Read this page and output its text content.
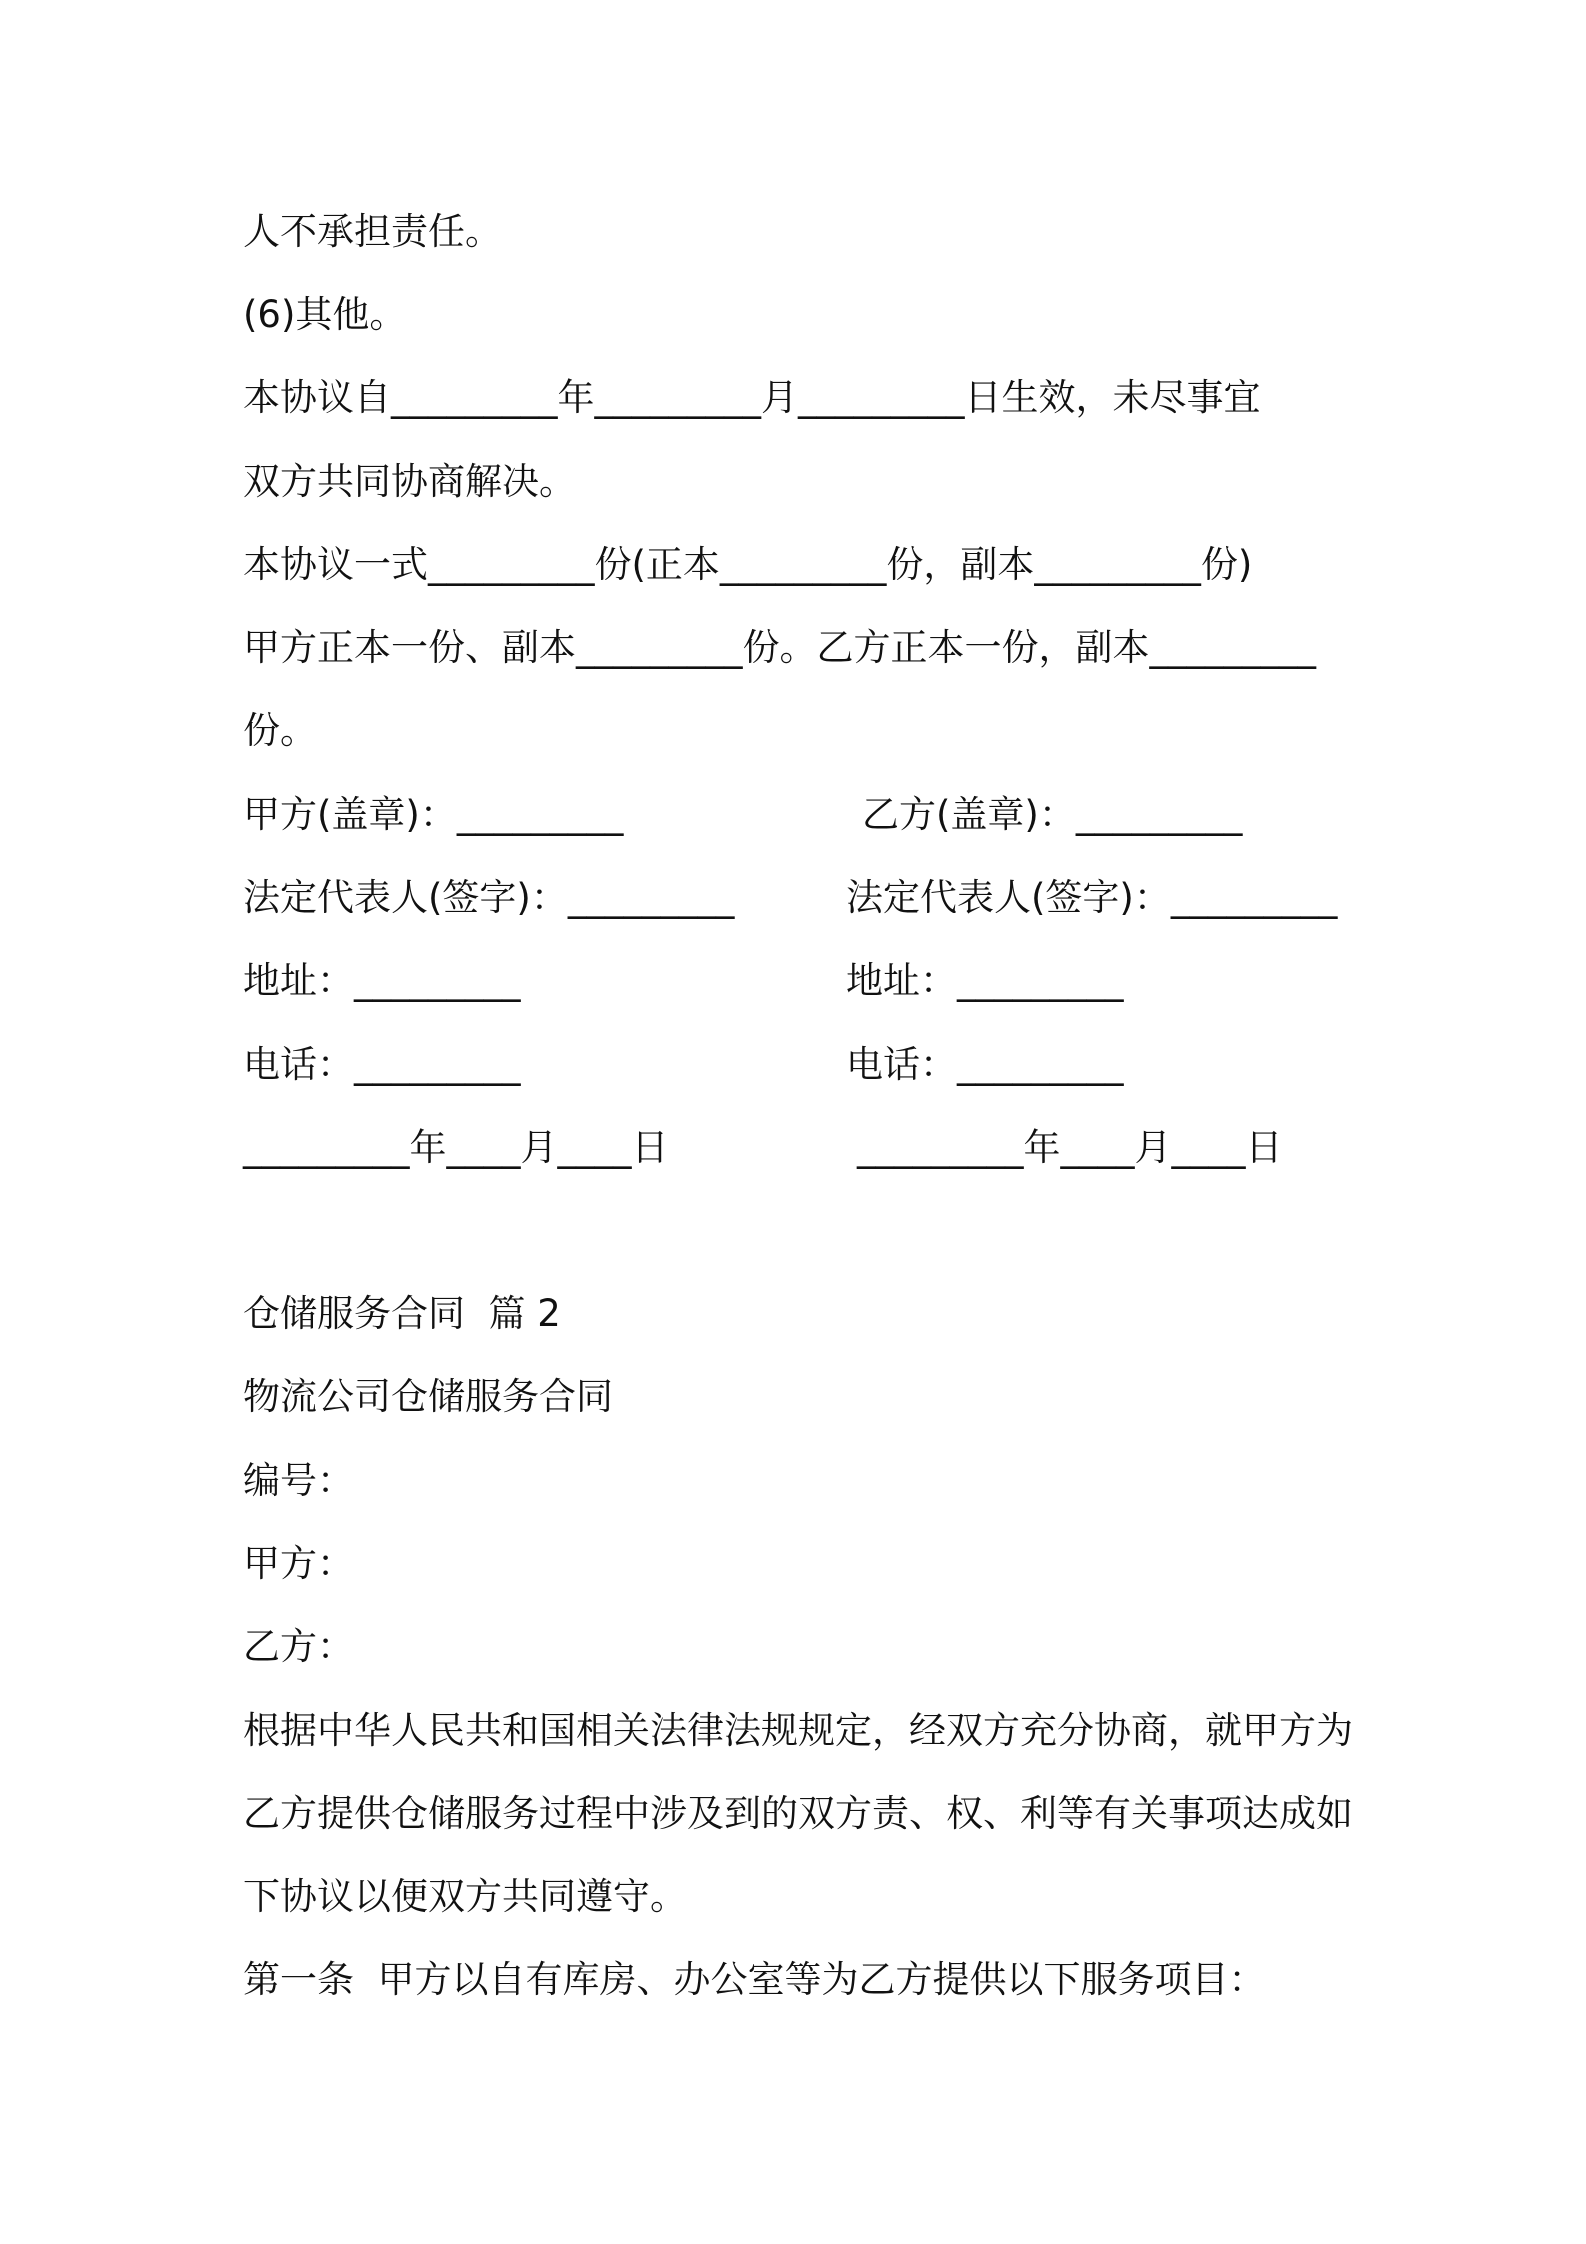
人不承担责任。
(6)其他。
本协议自_________年_________月_________日生效，未尽事宜
双方共同协商解决。
本协议一式_________份(正本_________份，副本_________份)
甲方正本一份、副本_________份。乙方正本一份，副本_________
份。
甲方(盖章)：_________	乙方(盖章)：_________
法定代表人(签字)：_________	法定代表人(签字)：_________
地址：_________	地址：_________
电话：_________	电话：_________
_________年____月____日	_________年____月____日
仓储服务合同  篇 2
物流公司仓储服务合同
编号：
甲方：
乙方：
根据中华人民共和国相关法律法规规定，经双方充分协商，就甲方为
乙方提供仓储服务过程中涉及到的双方责、权、利等有关事项达成如
下协议以便双方共同遵守。
第一条  甲方以自有库房、办公室等为乙方提供以下服务项目：
